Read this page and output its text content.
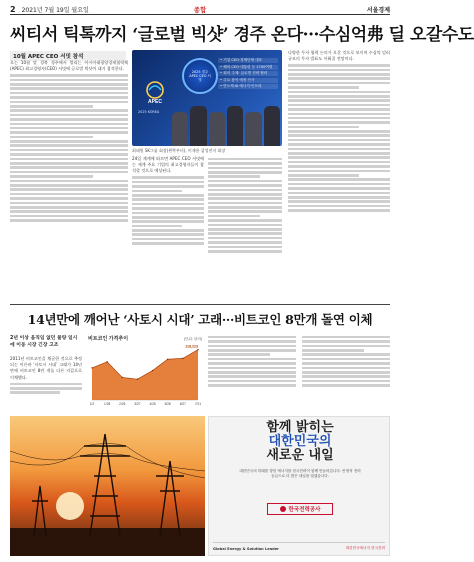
2 2021년 7월 19일 월요일	종합	서울경제
씨티서 틱톡까지 ‘글로벌 빅샷’ 경주 온다···수심억弗 딜 오갈수도
10월 APEC CEO 서밋 참석

오는 10월 말 경북 경주에서 열리는 아시아태평양경제협력체(APEC) 최고경영자(CEO) 서밋에 글로벌 빅샷이 대거 참석한다.

APEC
2025 KOREA
2025 경주 APEC CEO 서밋
• 기업 CEO·경제단체 대표
• 해외 CEO·대통령 등 1700여명
• 회의 주제: 글로벌 전략 협력
• 주요 참석 예정 인사
• 반도체·AI·에너지·인프라
최태원 SK그룹 회장(왼쪽부터), 이재용 삼성전자 회장

24일 재계에 따르면 APEC CEO 서밋에는 세계 주요 기업의 최고경영자들이 참석할 것으로 예상된다.

다양한 투자 협력 논의가 오갈 것으로 보이며 수십억 달러 규모의 투자 발표도 이뤄질 전망이다.

14년만에 깨어난 ‘사토시 시대’ 고래···비트코인 8만개 돌연 이체
2년 이상 움직임 없던 물량 일시에 이동 시장 긴장 고조

2011년 비트코인을 채굴한 것으로 추정되는 이른바 ‘사토시 시대’ 고래가 14년 만에 비트코인 8만 개를 다른 지갑으로 이체했다.

비트코인 가격추이	(단위: 달러)
1/2	1/28	2/26	3/27	4/25	5/28	6/27	7/21
118,223
함께 밝히는
대한민국의
새로운 내일
대한민국의 미래를 향한 에너지를 한국전력이 함께 만들어갑니다. 안정적 전력 공급으로 더 밝은 내일을 열겠습니다.
한국전력공사
Global Energy & Solution Leader	대한민국에너지 한국전력
